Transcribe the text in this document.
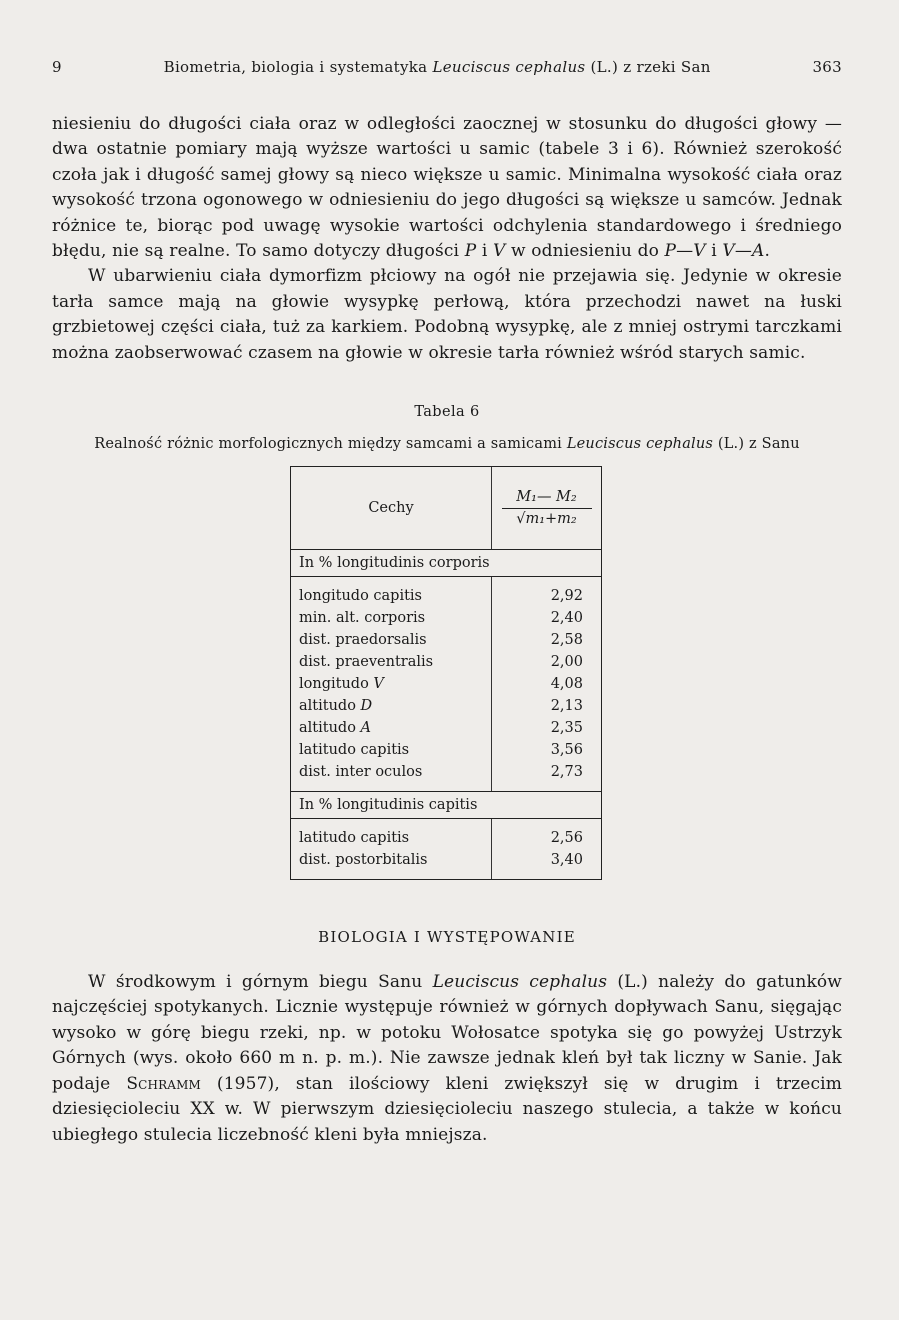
9	Biometria, biologia i systematyka Leuciscus cephalus (L.) z rzeki San	363

niesieniu do długości ciała oraz w odległości zaocznej w stosunku do długości głowy — dwa ostatnie pomiary mają wyższe wartości u samic (tabele 3 i 6). Również szerokość czoła jak i długość samej głowy są nieco większe u samic. Minimalna wysokość ciała oraz wysokość trzona ogonowego w odniesieniu do jego długości są większe u samców. Jednak różnice te, biorąc pod uwagę wysokie wartości odchylenia standardowego i średniego błędu, nie są realne. To samo dotyczy długości P i V w odniesieniu do P—V i V—A.

W ubarwieniu ciała dymorfizm płciowy na ogół nie przejawia się. Jedynie w okresie tarła samce mają na głowie wysypkę perłową, która przechodzi nawet na łuski grzbietowej części ciała, tuż za karkiem. Podobną wysypkę, ale z mniej ostrymi tarczkami można zaobserwować czasem na głowie w okresie tarła również wśród starych samic.

Tabela 6
Realność różnic morfologicznych między samcami a samicami Leuciscus cephalus (L.) z Sanu
Cechy
M₁— M₂
√m₁+m₂
In % longitudinis corporis
longitudo capitis
min. alt. corporis
dist. praedorsalis
dist. praeventralis
longitudo V
altitudo D
altitudo A
latitudo capitis
dist. inter oculos
2,92
2,40
2,58
2,00
4,08
2,13
2,35
3,56
2,73
In % longitudinis capitis
latitudo capitis
dist. postorbitalis
2,56
3,40
BIOLOGIA I WYSTĘPOWANIE

W środkowym i górnym biegu Sanu Leuciscus cephalus (L.) należy do gatunków najczęściej spotykanych. Licznie występuje również w górnych dopływach Sanu, sięgając wysoko w górę biegu rzeki, np. w potoku Wołosatce spotyka się go powyżej Ustrzyk Górnych (wys. około 660 m n. p. m.). Nie zawsze jednak kleń był tak liczny w Sanie. Jak podaje Schramm (1957), stan ilościowy kleni zwiększył się w drugim i trzecim dziesięcioleciu XX w. W pierwszym dziesięcioleciu naszego stulecia, a także w końcu ubiegłego stulecia liczebność kleni była mniejsza.
